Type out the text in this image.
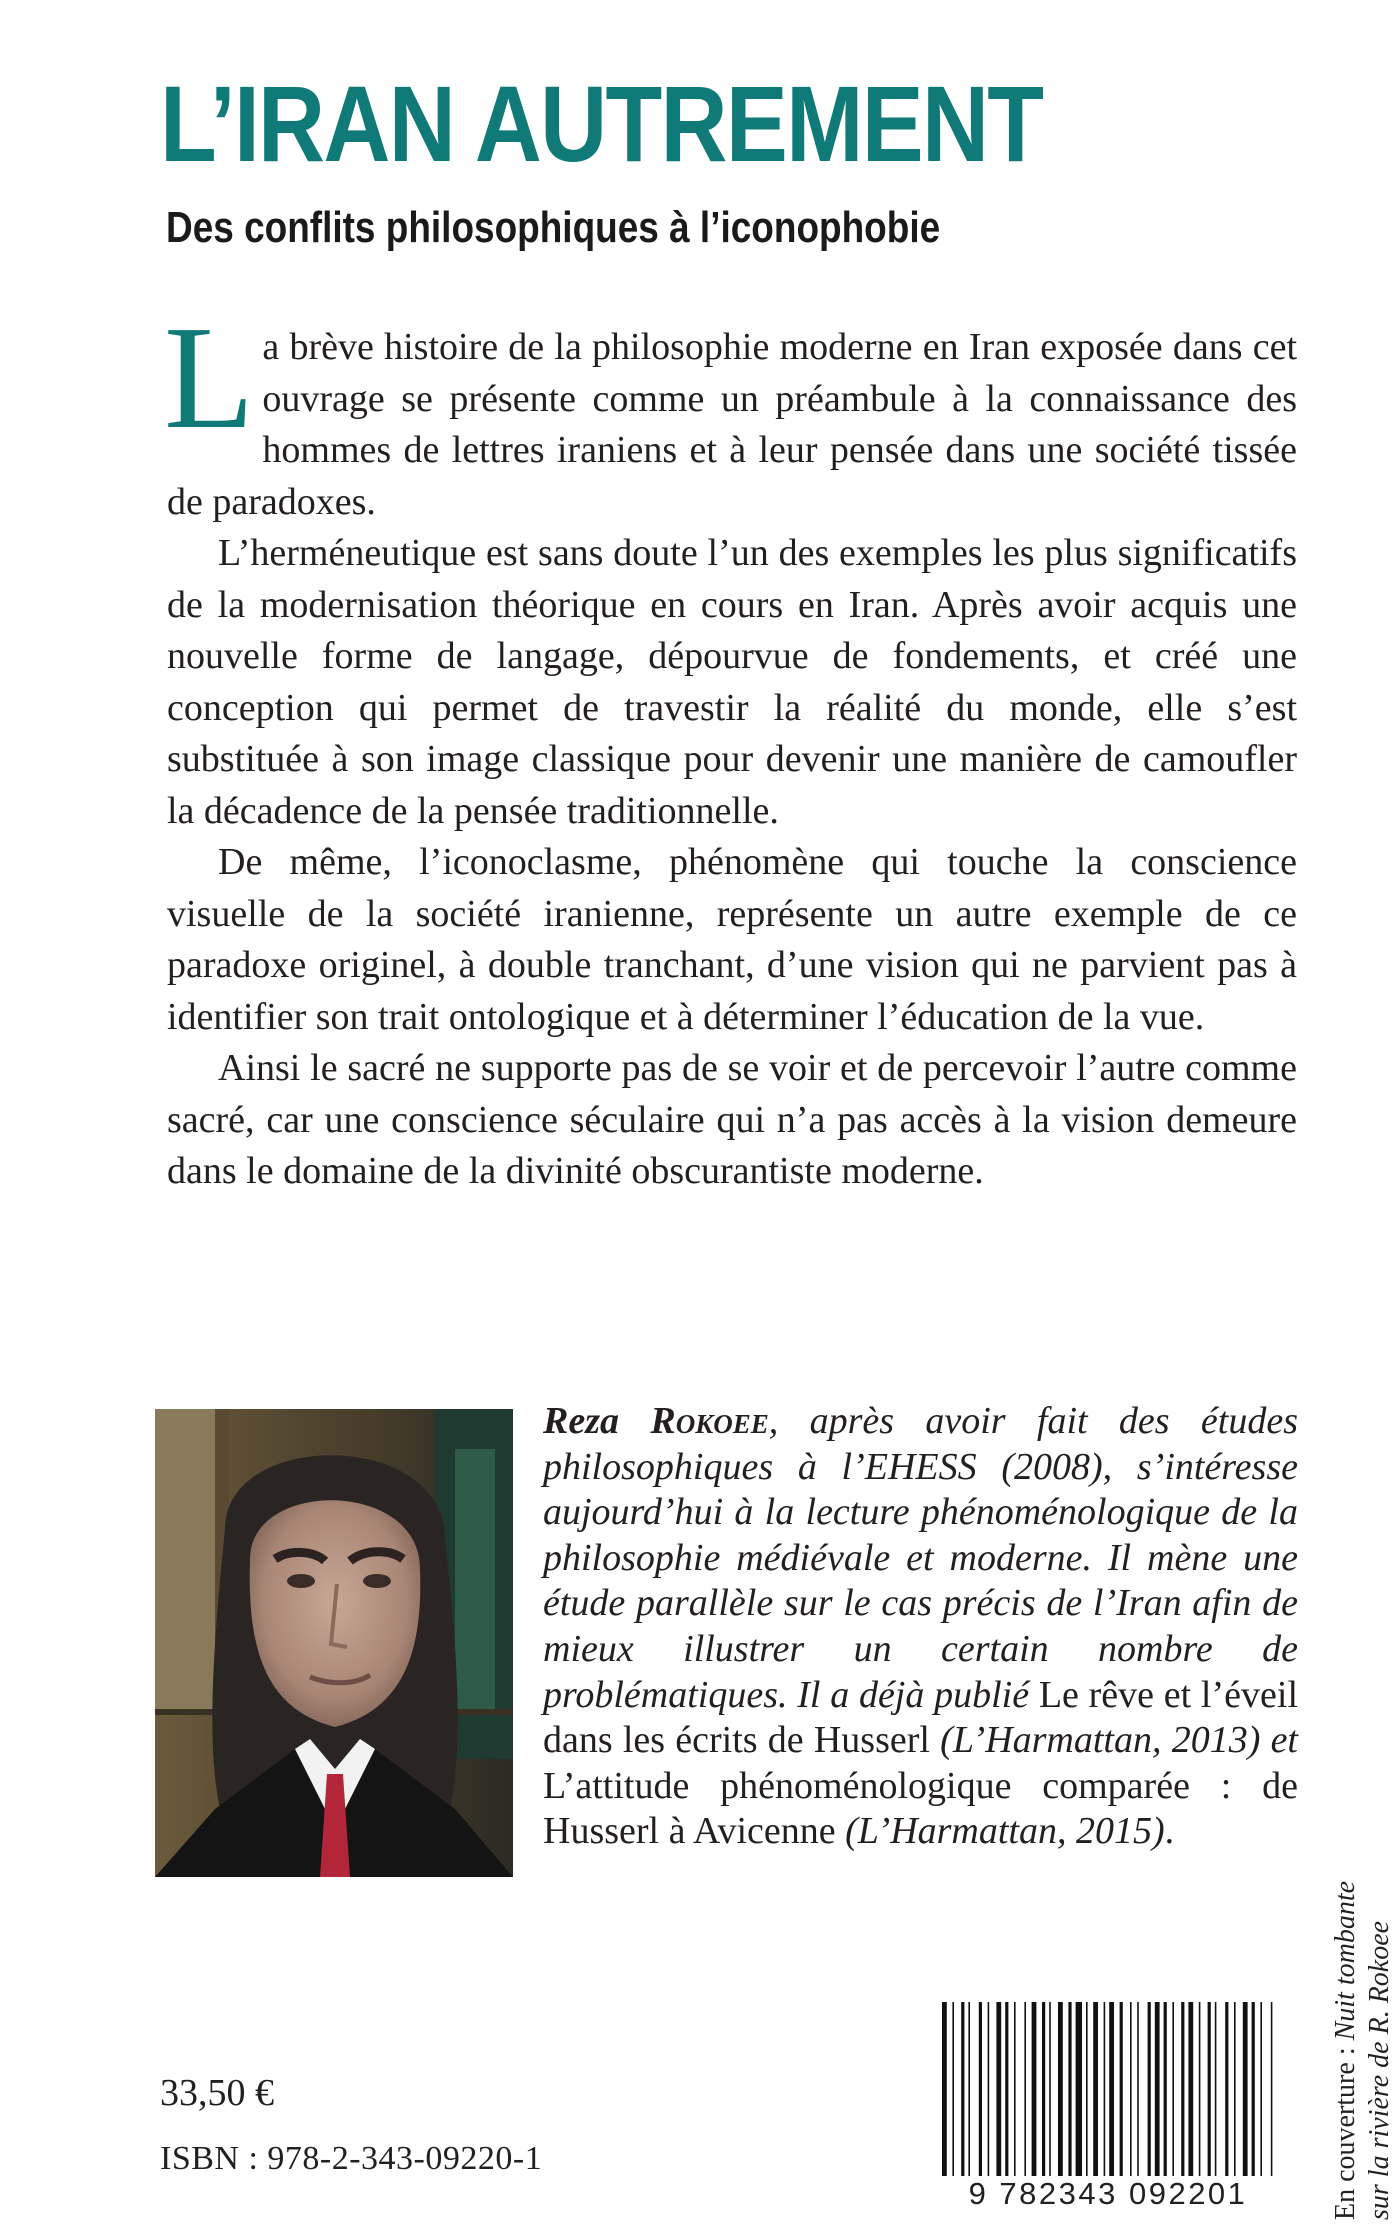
L’IRAN AUTREMENT
Des conflits philosophiques à l’iconophobie

La brève histoire de la philosophie moderne en Iran exposée dans cet ouvrage se présente comme un préambule à la connaissance des hommes de lettres iraniens et à leur pensée dans une société tissée de paradoxes.

L’herméneutique est sans doute l’un des exemples les plus significatifs de la modernisation théorique en cours en Iran. Après avoir acquis une nouvelle forme de langage, dépourvue de fondements, et créé une conception qui permet de travestir la réalité du monde, elle s’est substituée à son image classique pour devenir une manière de camoufler la décadence de la pensée traditionnelle.

De même, l’iconoclasme, phénomène qui touche la conscience visuelle de la société iranienne, représente un autre exemple de ce paradoxe originel, à double tranchant, d’une vision qui ne parvient pas à identifier son trait ontologique et à déterminer l’éducation de la vue.

Ainsi le sacré ne supporte pas de se voir et de percevoir l’autre comme sacré, car une conscience séculaire qui n’a pas accès à la vision demeure dans le domaine de la divinité obscurantiste moderne.

Reza Rokoee, après avoir fait des études philosophiques à l’EHESS (2008), s’intéresse aujourd’hui à la lecture phénoménologique de la philosophie médiévale et moderne. Il mène une étude parallèle sur le cas précis de l’Iran afin de mieux illustrer un certain nombre de problématiques. Il a déjà publié Le rêve et l’éveil dans les écrits de Husserl (L’Harmattan, 2013) et L’attitude phénoménologique comparée : de Husserl à Avicenne (L’Harmattan, 2015).

33,50 €

ISBN : 978-2-343-09220-1

9 782343 092201	En couverture : Nuit tombante sur la rivière de R. Rokoee
